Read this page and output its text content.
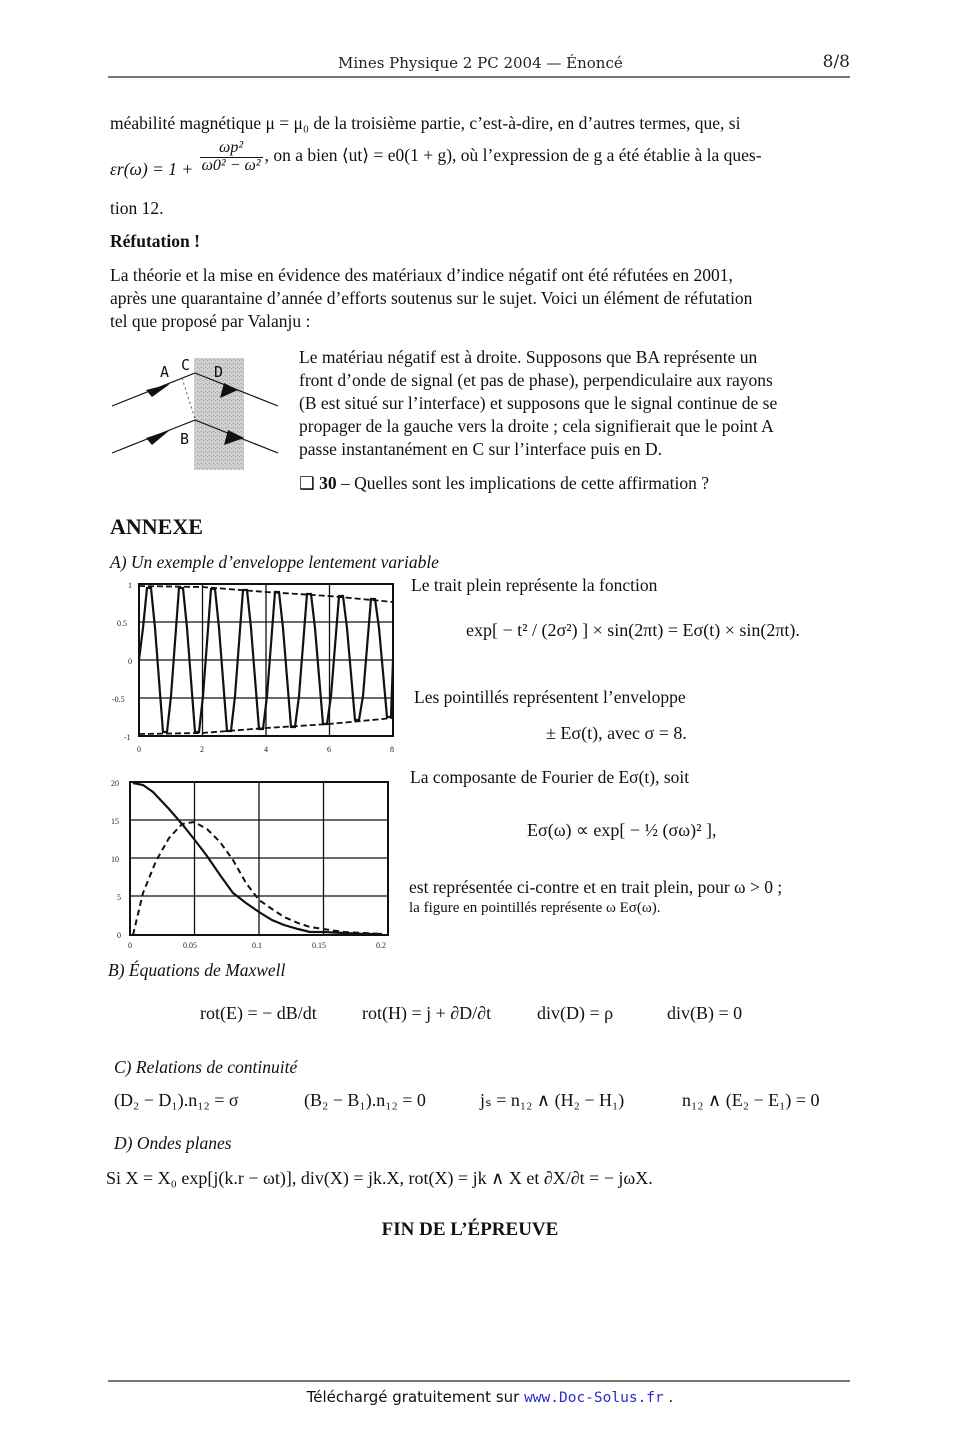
Mines Physique 2 PC 2004 — Énoncé	8/8
méabilité magnétique μ = μ₀ de la troisième partie, c’est-à-dire, en d’autres termes, que, si
$\varepsilon r(\omega) = 1 + \frac{\text{ωp²}}{\text{ω0² − ω²}}$ , on a bien ⟨ut⟩ = e0(1 + g), où l’expression de g a été établie à la ques-
tion 12.
Réfutation !
La théorie et la mise en évidence des matériaux d’indice négatif ont été réfutées en 2001,
après une quarantaine d’année d’efforts soutenus sur le sujet. Voici un élément de réfutation
tel que proposé par Valanju :
A C D
B
Le matériau négatif est à droite. Supposons que BA représente un
front d’onde de signal (et pas de phase), perpendiculaire aux rayons
(B est situé sur l’interface) et supposons que le signal continue de se
propager de la gauche vers la droite ; cela signifierait que le point A
passe instantanément en C sur l’interface puis en D.
❑ 30 – Quelles sont les implications de cette affirmation ?
ANNEXE
A) Un exemple d’enveloppe lentement variable
1
0.5
0
-0.5
-1
0	2	4	6	8
Le trait plein représente la fonction
exp[ − t² / (2σ²) ] × sin(2πt) = Eσ(t) × sin(2πt).
Les pointillés représentent l’enveloppe
± Eσ(t), avec σ = 8.
20
15
10
5
0
0	0.05	0.1	0.15	0.2
La composante de Fourier de Eσ(t), soit
Eσ(ω) ∝ exp[ − ½ (σω)² ],
est représentée ci-contre et en trait plein, pour ω > 0 ;
la figure en pointillés représente ω Eσ(ω).
B) Équations de Maxwell
rot(E) = − dB/dt	rot(H) = j + ∂D/∂t	div(D) = ρ	div(B) = 0
C) Relations de continuité
(D₂ − D₁).n₁₂ = σ	(B₂ − B₁).n₁₂ = 0	jₛ = n₁₂ ∧ (H₂ − H₁)	n₁₂ ∧ (E₂ − E₁) = 0
D) Ondes planes
Si X = X₀ exp[j(k.r − ωt)], div(X) = jk.X, rot(X) = jk ∧ X et ∂X/∂t = − jωX.
FIN DE L’ÉPREUVE
Téléchargé gratuitement sur www.Doc-Solus.fr .
